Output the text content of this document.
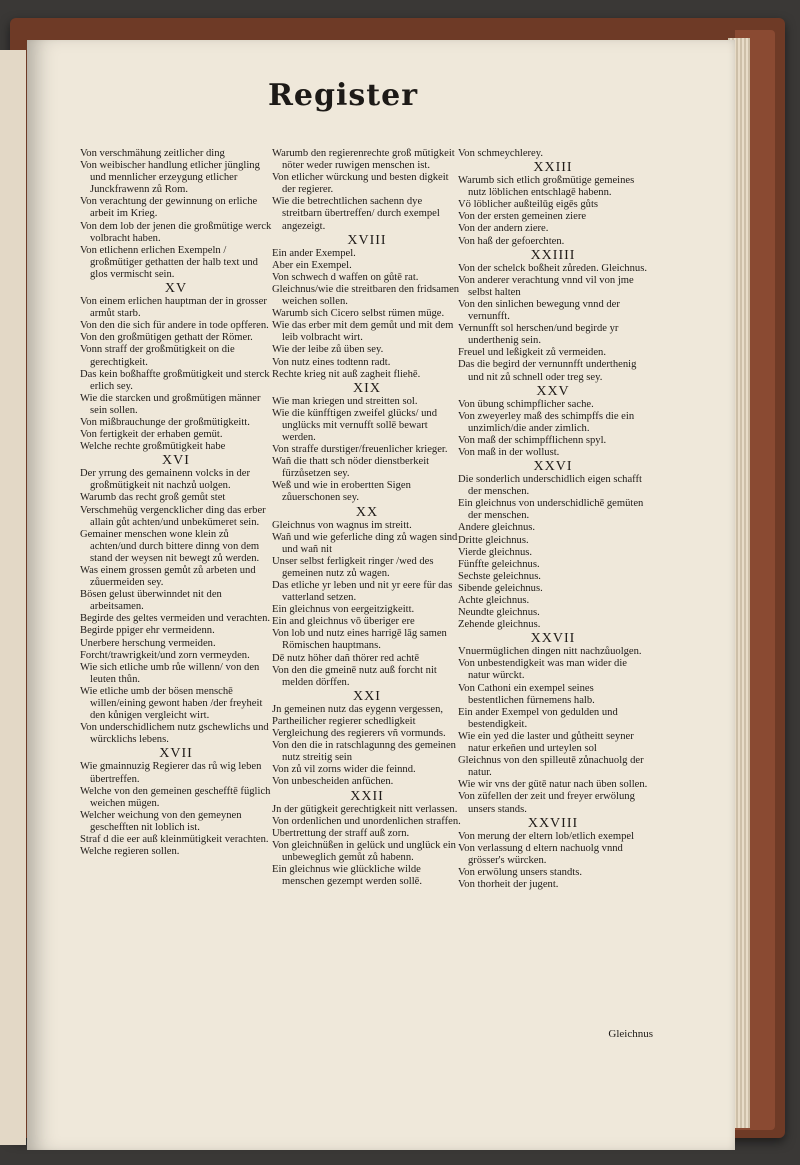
Register

Von verschmähung zeitlicher ding

Von weibischer handlung etlicher jüngling und mennlicher erzeygung etlicher Junckfrawenn zů Rom.

Von verachtung der gewinnung on erliche arbeit im Krieg.

Von dem lob der jenen die großmütige werck volbracht haben.

Von etlichenn erlichen Exempeln / großmütiger gethatten der halb text und glos vermischt sein.

XV

Von einem erlichen hauptman der in grosser armůt starb.

Von den die sich für andere in tode opfferen.

Von den großmütigen gethatt der Römer.

Vonn straff der großmütigkeit on die gerechtigkeit.

Das kein boßhaffte großmütigkeit und sterck erlich sey.

Wie die starcken und großmütigen männer sein sollen.

Von mißbrauchunge der großmütigkeitt.

Von fertigkeit der erhaben gemüt.

Welche rechte großmütigkeit habe

XVI

Der yrrung des gemainenn volcks in der großmütigkeit nit nachzů uolgen.

Warumb das recht groß gemůt stet

Verschmehüg vergencklicher ding das erber allain gůt achten/und unbekümeret sein.

Gemainer menschen wone klein zů achten/und durch bittere dinng von dem stand der weysen nit bewegt zů werden.

Was einem grossen gemůt zů arbeten und zůuermeiden sey.

Bösen gelust überwinndet nit den arbeitsamen.

Begirde des geltes vermeiden und verachten.

Begirde ppiger ehr vermeidenn.

Unerbere herschung vermeiden.

Forcht/trawrigkeit/und zorn vermeyden.

Wie sich etliche umb růe willenn/ von den leuten thůn.

Wie etliche umb der bösen menschē willen/eining gewont haben /der freyheit den kůnigen vergleicht wirt.

Von underschidlichem nutz gschewlichs und würcklichs lebens.

XVII

Wie gmainnuzig Regierer das rů wig leben übertreffen.

Welche von den gemeinen geschefftē füglich weichen mügen.

Welcher weichung von den gemeynen geschefften nit loblich ist.

Straf d die eer auß kleinmütigkeit verachten.

Welche regieren sollen.

Warumb den regierenrechte groß mütigkeit nöter weder ruwigen menschen ist.

Von etlicher würckung und besten digkeit der regierer.

Wie die betrechtlichen sachenn dye streitbarn übertreffen/ durch exempel angezeigt.

XVIII

Ein ander Exempel.

Aber ein Exempel.

Von schwech d waffen on gůtē rat.

Gleichnus/wie die streitbaren den fridsamen weichen sollen.

Warumb sich Cicero selbst rümen müge.

Wie das erber mit dem gemůt und mit dem leib volbracht wirt.

Wie der leibe zů üben sey.

Von nutz eines todtenn radt.

Rechte krieg nit auß zagheit fliehē.

XIX

Wie man kriegen und streitten sol.

Wie die künfftigen zweifel glücks/ und unglücks mit vernufft sollē bewart werden.

Von straffe durstiger/freuenlicher krieger.

Wañ die thatt sch nöder dienstberkeit fürzůsetzen sey.

Weß und wie in erobertten Sigen zůuerschonen sey.

XX

Gleichnus von wagnus im streitt.

Wañ und wie geferliche ding zů wagen sind und wañ nit

Unser selbst ferligkeit ringer /wed des gemeinen nutz zů wagen.

Das etliche yr leben und nit yr eere für das vatterland setzen.

Ein gleichnus von eergeitzigkeitt.

Ein and gleichnus vō überiger ere

Von lob und nutz eines harrigē lāg samen Römischen hauptmans.

Dē nutz höher dañ thörer red achtē

Von den die gmeinē nutz auß forcht nit melden dörffen.

XXI

Jn gemeinen nutz das eygenn vergessen,

Partheilicher regierer schedligkeit

Vergleichung des regierers vñ vormunds.

Von den die in ratschlagunng des gemeinen nutz streitig sein

Von zů vil zorns wider die feinnd.

Von unbescheiden anfüchen.

XXII

Jn der gütigkeit gerechtigkeit nitt verlassen.

Von ordenlichen und unordenlichen straffen.

Ubertrettung der straff auß zorn.

Von gleichnüßen in gelück und unglück ein unbeweglich gemůt zů habenn.

Ein gleichnus wie glückliche wilde menschen gezempt werden sollē.

Von schmeychlerey.

XXIII

Warumb sich etlich großmütige gemeines nutz löblichen entschlagē habenn.

Vö löblicher außteilūg eigēs gůts

Von der ersten gemeinen ziere

Von der andern ziere.

Von haß der gefoerchten.

XXIIII

Von der schelck boßheit zůreden. Gleichnus.

Von anderer verachtung vnnd vil von jme selbst halten

Von den sinlichen bewegung vnnd der vernunfft.

Vernunfft sol herschen/und begirde yr underthenig sein.

Freuel und leßigkeit zů vermeiden.

Das die begird der vernunnfft underthenig und nit zů schnell oder treg sey.

XXV

Von übung schimpflicher sache.

Von zweyerley maß des schimpffs die ein unzimlich/die ander zimlich.

Von maß der schimpfflichenn spyl.

Von maß in der wollust.

XXVI

Die sonderlich underschidlich eigen schafft der menschen.

Ein gleichnus von underschidlichē gemüten der menschen.

Andere gleichnus.

Dritte gleichnus.

Vierde gleichnus.

Fünffte geleichnus.

Sechste geleichnus.

Sibende geleichnus.

Achte gleichnus.

Neundte gleichnus.

Zehende gleichnus.

XXVII

Vnuermüglichen dingen nitt nachzůuolgen.

Von unbestendigkeit was man wider die natur würckt.

Von Cathoni ein exempel seines bestentlichen fürnemens halb.

Ein ander Exempel von gedulden und bestendigkeit.

Wie ein yed die laster und gůtheitt seyner natur erkeñen und urteylen sol

Gleichnus von den spilleutē zůnachuolg der natur.

Wie wir vns der gütē natur nach üben sollen.

Von züfellen der zeit und freyer erwölung unsers stands.

XXVIII

Von merung der eltern lob/etlich exempel

Von verlassung d eltern nachuolg vnnd grösser's würcken.

Von erwölung unsers standts.

Von thorheit der jugent.

Gleichnus
